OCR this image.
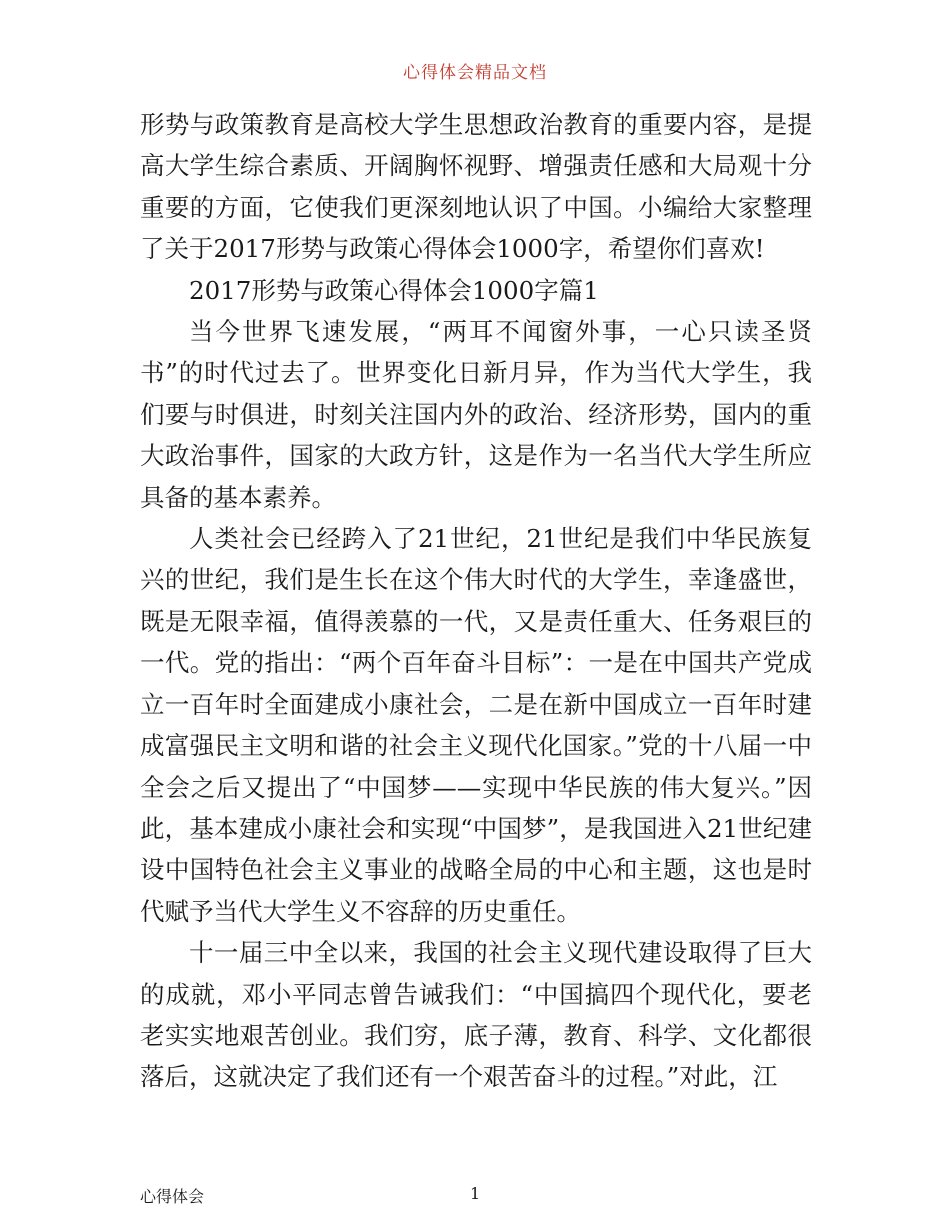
心得体会精品文档

形势与政策教育是高校大学生思想政治教育的重要内容，是提高大学生综合素质、开阔胸怀视野、增强责任感和大局观十分重要的方面，它使我们更深刻地认识了中国。小编给大家整理了关于2017形势与政策心得体会1000字，希望你们喜欢!

2017形势与政策心得体会1000字篇1

当今世界飞速发展，“两耳不闻窗外事，一心只读圣贤书”的时代过去了。世界变化日新月异，作为当代大学生，我们要与时俱进，时刻关注国内外的政治、经济形势，国内的重大政治事件，国家的大政方针，这是作为一名当代大学生所应具备的基本素养。

人类社会已经跨入了21世纪，21世纪是我们中华民族复兴的世纪，我们是生长在这个伟大时代的大学生，幸逢盛世，既是无限幸福，值得羡慕的一代，又是责任重大、任务艰巨的一代。党的指出：“两个百年奋斗目标”：一是在中国共产党成立一百年时全面建成小康社会，二是在新中国成立一百年时建成富强民主文明和谐的社会主义现代化国家。”党的十八届一中全会之后又提出了“中国梦——实现中华民族的伟大复兴。”因此，基本建成小康社会和实现“中国梦”，是我国进入21世纪建设中国特色社会主义事业的战略全局的中心和主题，这也是时代赋予当代大学生义不容辞的历史重任。

十一届三中全以来，我国的社会主义现代建设取得了巨大的成就，邓小平同志曾告诫我们：“中国搞四个现代化，要老老实实地艰苦创业。我们穷，底子薄，教育、科学、文化都很落后，这就决定了我们还有一个艰苦奋斗的过程。”对此，江

心得体会	1
